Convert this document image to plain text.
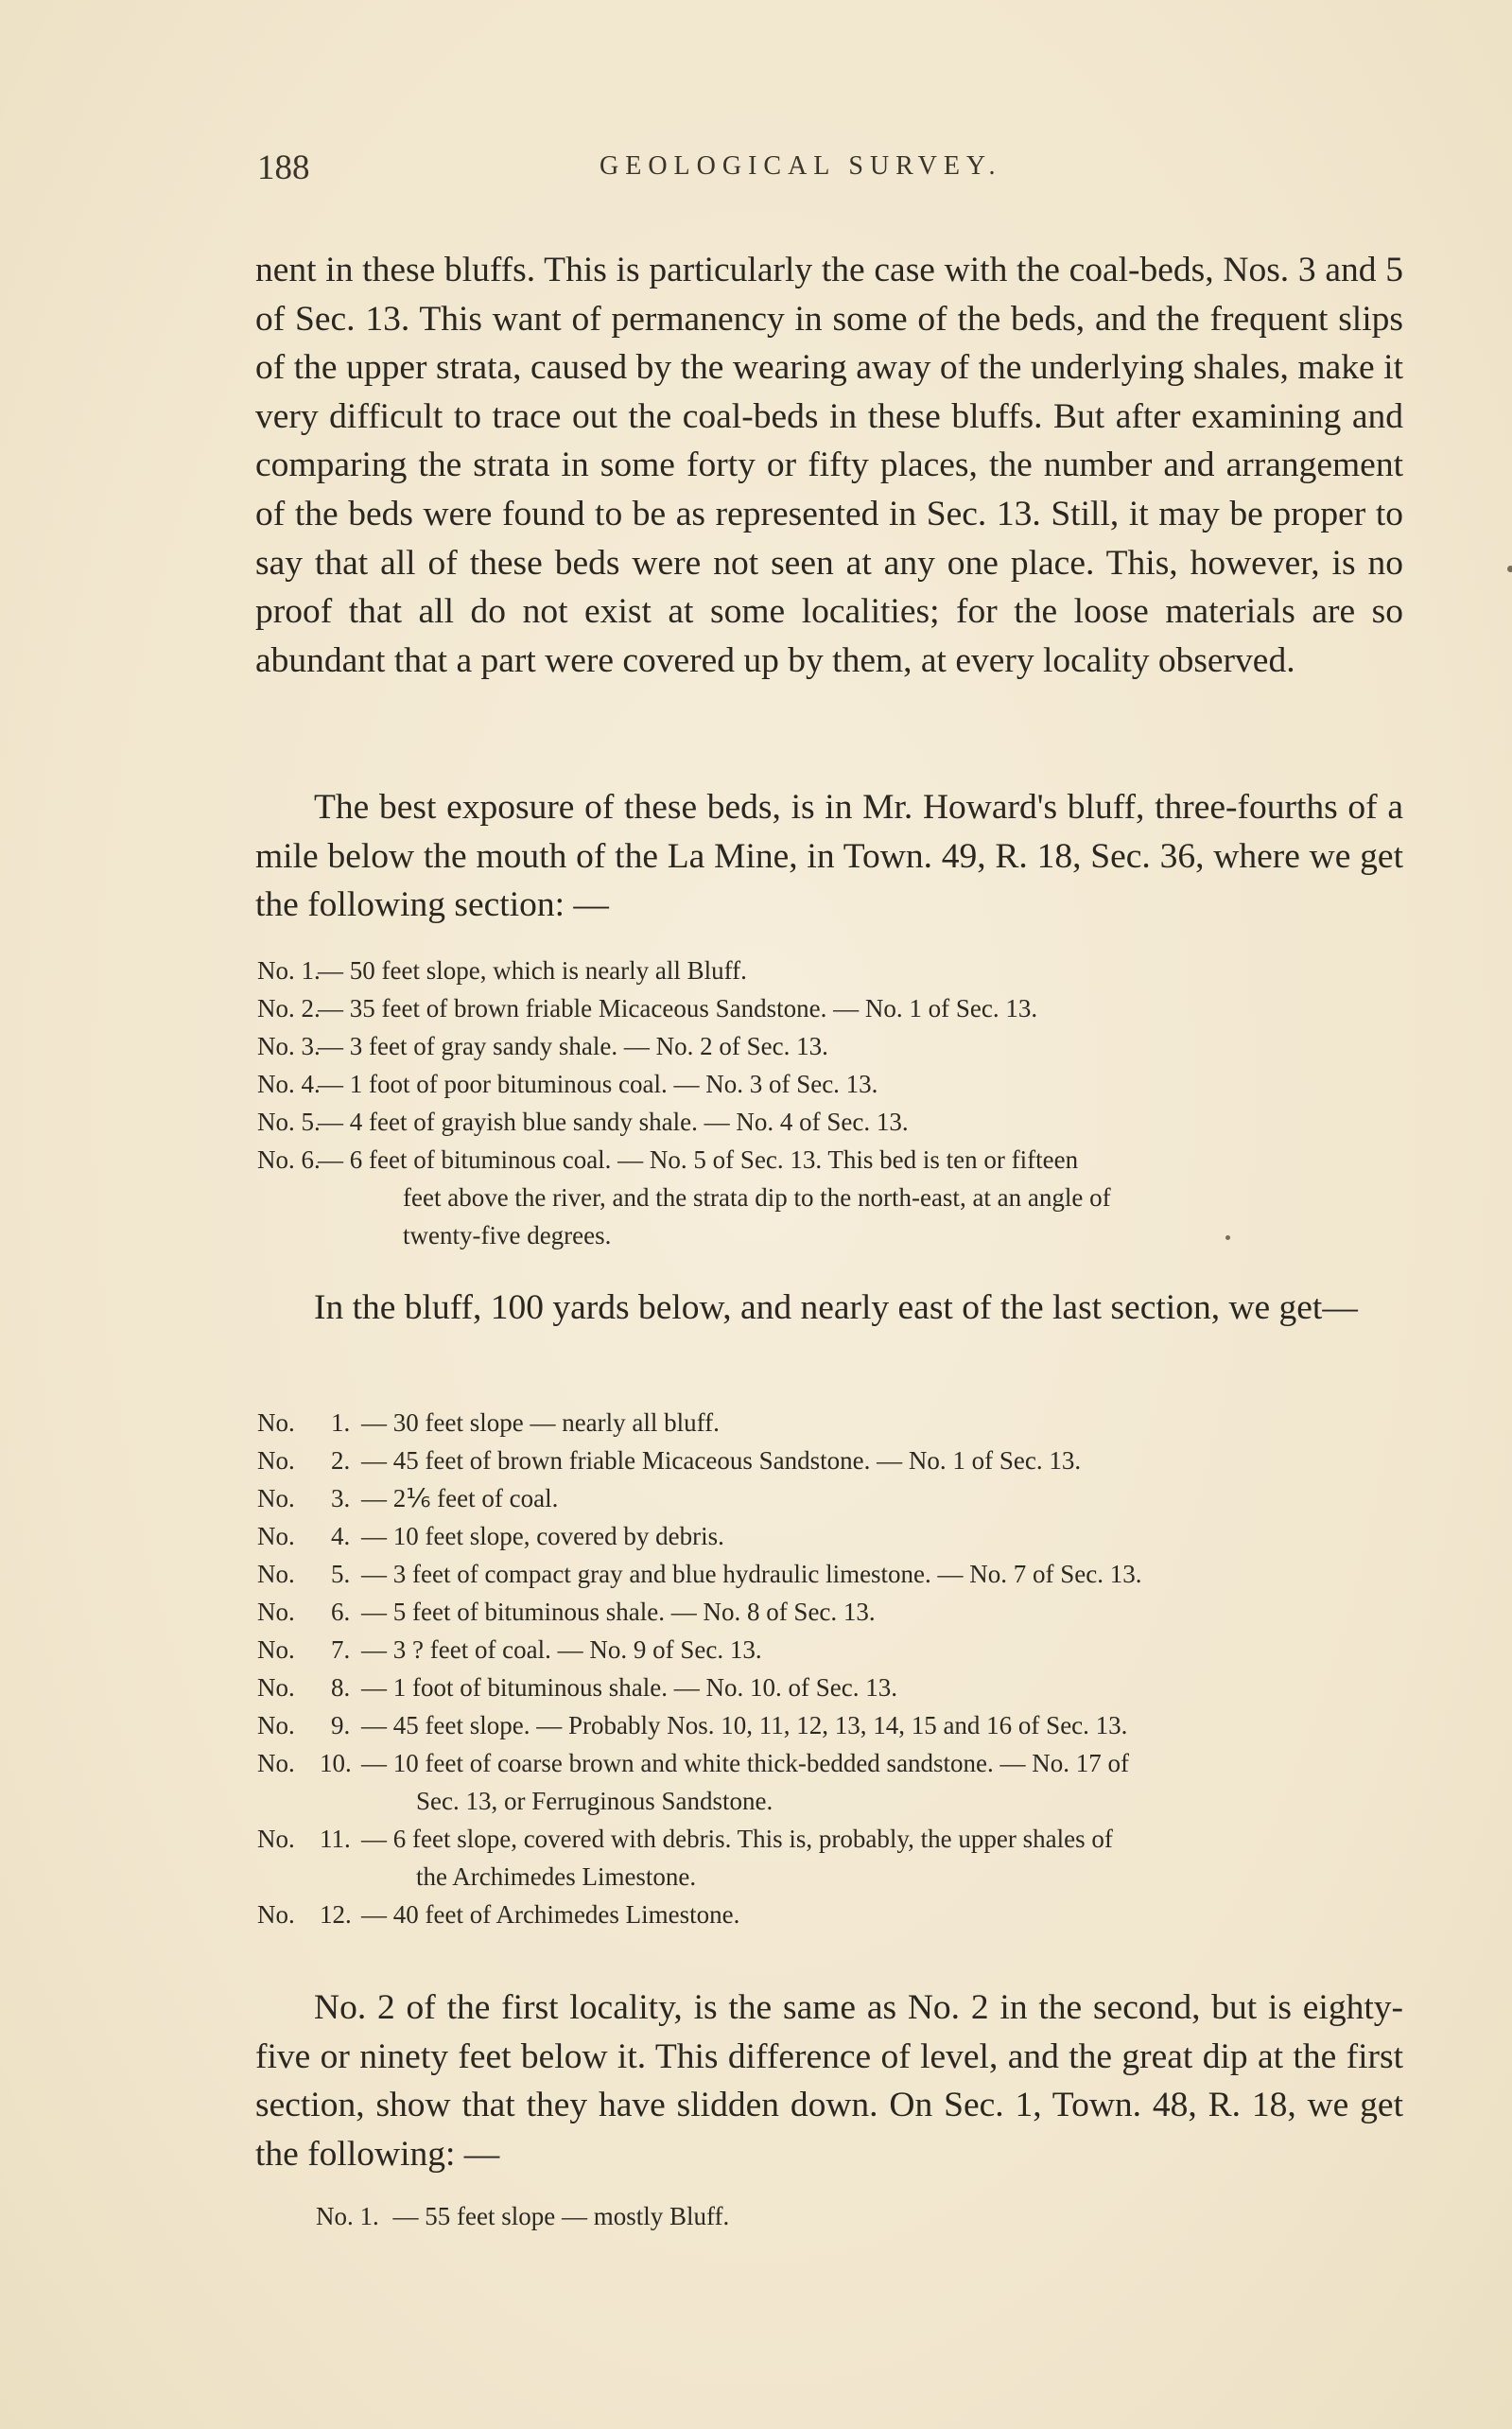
188	GEOLOGICAL SURVEY.

nent in these bluffs. This is particularly the case with the coal-beds, Nos. 3 and 5 of Sec. 13. This want of permanency in some of the beds, and the frequent slips of the upper strata, caused by the wearing away of the underlying shales, make it very difficult to trace out the coal-beds in these bluffs. But after examining and comparing the strata in some forty or fifty places, the number and arrangement of the beds were found to be as represented in Sec. 13. Still, it may be proper to say that all of these beds were not seen at any one place. This, however, is no proof that all do not exist at some localities; for the loose materials are so abundant that a part were covered up by them, at every locality observed.

The best exposure of these beds, is in Mr. Howard's bluff, three-fourths of a mile below the mouth of the La Mine, in Town. 49, R. 18, Sec. 36, where we get the following section: —

No. 1.
— 50 feet slope, which is nearly all Bluff.
No. 2.
— 35 feet of brown friable Micaceous Sandstone. — No. 1 of Sec. 13.
No. 3.
— 3 feet of gray sandy shale. — No. 2 of Sec. 13.
No. 4.
— 1 foot of poor bituminous coal. — No. 3 of Sec. 13.
No. 5.
— 4 feet of grayish blue sandy shale. — No. 4 of Sec. 13.
No. 6.
— 6 feet of bituminous coal. — No. 5 of Sec. 13. This bed is ten or fifteen
feet above the river, and the strata dip to the north-east, at an angle of
twenty-five degrees.

In the bluff, 100 yards below, and nearly east of the last section, we get—

No. 1. — 30 feet slope — nearly all bluff.
No. 2. — 45 feet of brown friable Micaceous Sandstone. — No. 1 of Sec. 13.
No. 3. — 2⅙ feet of coal.
No. 4. — 10 feet slope, covered by debris.
No. 5. — 3 feet of compact gray and blue hydraulic limestone. — No. 7 of Sec. 13.
No. 6. — 5 feet of bituminous shale. — No. 8 of Sec. 13.
No. 7. — 3 ? feet of coal. — No. 9 of Sec. 13.
No. 8. — 1 foot of bituminous shale. — No. 10. of Sec. 13.
No. 9. — 45 feet slope. — Probably Nos. 10, 11, 12, 13, 14, 15 and 16 of Sec. 13.
No. 10. — 10 feet of coarse brown and white thick-bedded sandstone. — No. 17 of
Sec. 13, or Ferruginous Sandstone.
No. 11. — 6 feet slope, covered with debris. This is, probably, the upper shales of
the Archimedes Limestone.
No. 12. — 40 feet of Archimedes Limestone.

No. 2 of the first locality, is the same as No. 2 in the second, but is eighty-five or ninety feet below it. This difference of level, and the great dip at the first section, show that they have slidden down. On Sec. 1, Town. 48, R. 18, we get the following: —

No. 1. — 55 feet slope — mostly Bluff.
